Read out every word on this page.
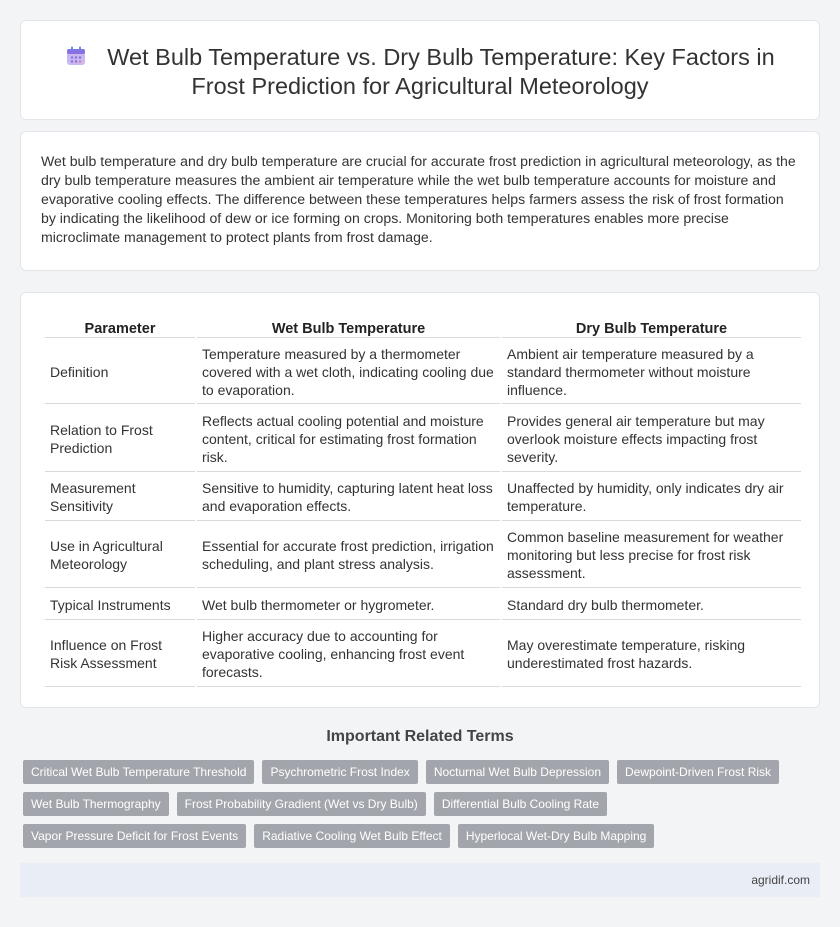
Wet Bulb Temperature vs. Dry Bulb Temperature: Key Factors in Frost Prediction for Agricultural Meteorology

Wet bulb temperature and dry bulb temperature are crucial for accurate frost prediction in agricultural meteorology, as the dry bulb temperature measures the ambient air temperature while the wet bulb temperature accounts for moisture and evaporative cooling effects. The difference between these temperatures helps farmers assess the risk of frost formation by indicating the likelihood of dew or ice forming on crops. Monitoring both temperatures enables more precise microclimate management to protect plants from frost damage.

Parameter	Wet Bulb Temperature	Dry Bulb Temperature
Definition	Temperature measured by a thermometer covered with a wet cloth, indicating cooling due to evaporation.	Ambient air temperature measured by a standard thermometer without moisture influence.
Relation to Frost Prediction	Reflects actual cooling potential and moisture content, critical for estimating frost formation risk.	Provides general air temperature but may overlook moisture effects impacting frost severity.
Measurement Sensitivity	Sensitive to humidity, capturing latent heat loss and evaporation effects.	Unaffected by humidity, only indicates dry air temperature.
Use in Agricultural Meteorology	Essential for accurate frost prediction, irrigation scheduling, and plant stress analysis.	Common baseline measurement for weather monitoring but less precise for frost risk assessment.
Typical Instruments	Wet bulb thermometer or hygrometer.	Standard dry bulb thermometer.
Influence on Frost Risk Assessment	Higher accuracy due to accounting for evaporative cooling, enhancing frost event forecasts.	May overestimate temperature, risking underestimated frost hazards.
Important Related Terms
Critical Wet Bulb Temperature Threshold	Psychrometric Frost Index	Nocturnal Wet Bulb Depression	Dewpoint-Driven Frost Risk
Wet Bulb Thermography	Frost Probability Gradient (Wet vs Dry Bulb)	Differential Bulb Cooling Rate
Vapor Pressure Deficit for Frost Events	Radiative Cooling Wet Bulb Effect	Hyperlocal Wet-Dry Bulb Mapping
agridif.com
